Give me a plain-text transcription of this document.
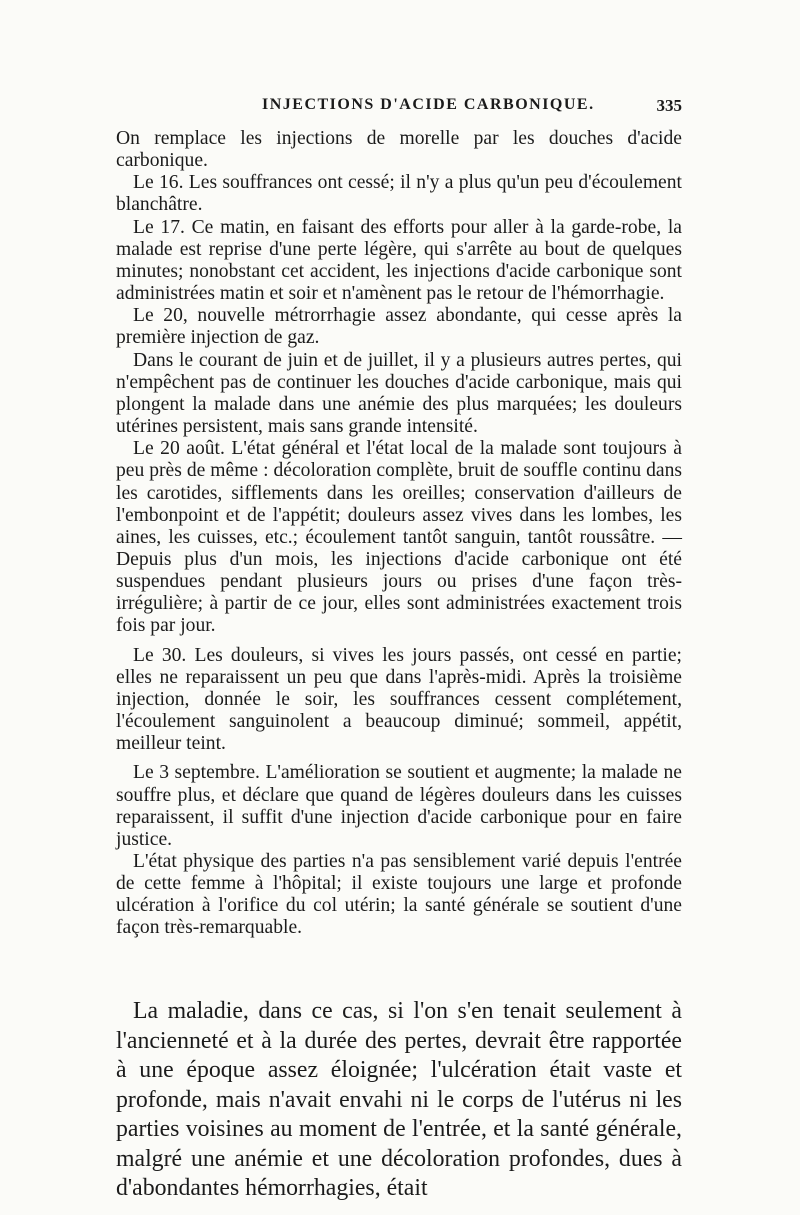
INJECTIONS D'ACIDE CARBONIQUE.	335

On remplace les injections de morelle par les douches d'acide carbonique.

Le 16. Les souffrances ont cessé; il n'y a plus qu'un peu d'écoulement blanchâtre.

Le 17. Ce matin, en faisant des efforts pour aller à la garde-robe, la malade est reprise d'une perte légère, qui s'arrête au bout de quelques minutes; nonobstant cet accident, les injections d'acide carbonique sont administrées matin et soir et n'amènent pas le retour de l'hémorrhagie.

Le 20, nouvelle métrorrhagie assez abondante, qui cesse après la première injection de gaz.

Dans le courant de juin et de juillet, il y a plusieurs autres pertes, qui n'empêchent pas de continuer les douches d'acide carbonique, mais qui plongent la malade dans une anémie des plus marquées; les douleurs utérines persistent, mais sans grande intensité.

Le 20 août. L'état général et l'état local de la malade sont toujours à peu près de même : décoloration complète, bruit de souffle continu dans les carotides, sifflements dans les oreilles; conservation d'ailleurs de l'embonpoint et de l'appétit; douleurs assez vives dans les lombes, les aines, les cuisses, etc.; écoulement tantôt sanguin, tantôt roussâtre. — Depuis plus d'un mois, les injections d'acide carbonique ont été suspendues pendant plusieurs jours ou prises d'une façon très-irrégulière; à partir de ce jour, elles sont administrées exactement trois fois par jour.

Le 30. Les douleurs, si vives les jours passés, ont cessé en partie; elles ne reparaissent un peu que dans l'après-midi. Après la troisième injection, donnée le soir, les souffrances cessent complétement, l'écoulement sanguinolent a beaucoup diminué; sommeil, appétit, meilleur teint.

Le 3 septembre. L'amélioration se soutient et augmente; la malade ne souffre plus, et déclare que quand de légères douleurs dans les cuisses reparaissent, il suffit d'une injection d'acide carbonique pour en faire justice.

L'état physique des parties n'a pas sensiblement varié depuis l'entrée de cette femme à l'hôpital; il existe toujours une large et profonde ulcération à l'orifice du col utérin; la santé générale se soutient d'une façon très-remarquable.

La maladie, dans ce cas, si l'on s'en tenait seulement à l'ancienneté et à la durée des pertes, devrait être rapportée à une époque assez éloignée; l'ulcération était vaste et profonde, mais n'avait envahi ni le corps de l'utérus ni les parties voisines au moment de l'entrée, et la santé générale, malgré une anémie et une décoloration profondes, dues à d'abondantes hémorrhagies, était
